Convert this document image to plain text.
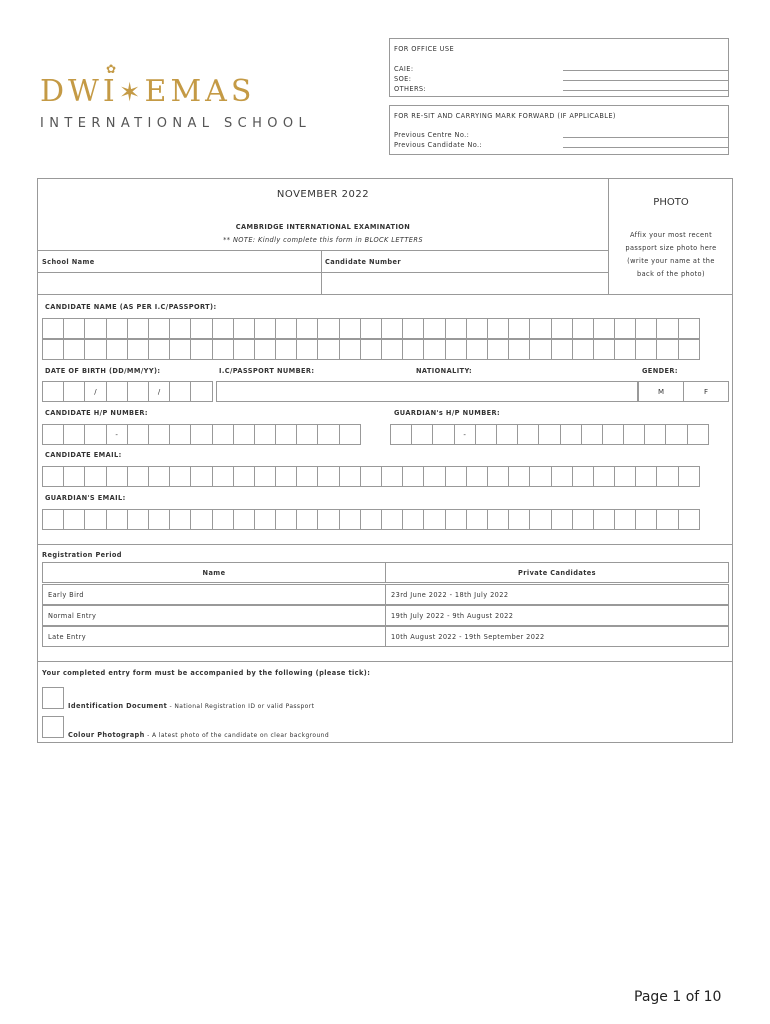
✿
DWI✶EMAS
INTERNATIONAL SCHOOL
FOR OFFICE USE
CAIE:
SOE:
OTHERS:
FOR RE-SIT AND CARRYING MARK FORWARD (IF APPLICABLE)
Previous Centre No.:
Previous Candidate No.:
NOVEMBER 2022
CAMBRIDGE INTERNATIONAL EXAMINATION
** NOTE: Kindly complete this form in BLOCK LETTERS
PHOTO
Affix your most recent
passport size photo here
(write your name at the
back of the photo)
School Name	Candidate Number
CANDIDATE NAME (AS PER I.C/PASSPORT):
DATE OF BIRTH (DD/MM/YY):	I.C/PASSPORT NUMBER:	NATIONALITY:	GENDER:
/	/	M	F
CANDIDATE H/P NUMBER:	GUARDIAN's H/P NUMBER:
-	-
CANDIDATE EMAIL:
GUARDIAN'S EMAIL:
Registration Period
Name	Private Candidates
Early Bird	23rd June 2022 - 18th July 2022
Normal Entry	19th July 2022 - 9th August 2022
Late Entry	10th August 2022 - 19th September 2022
Your completed entry form must be accompanied by the following (please tick):
Identification Document - National Registration ID or valid Passport
Colour Photograph - A latest photo of the candidate on clear background
Page 1 of 10
